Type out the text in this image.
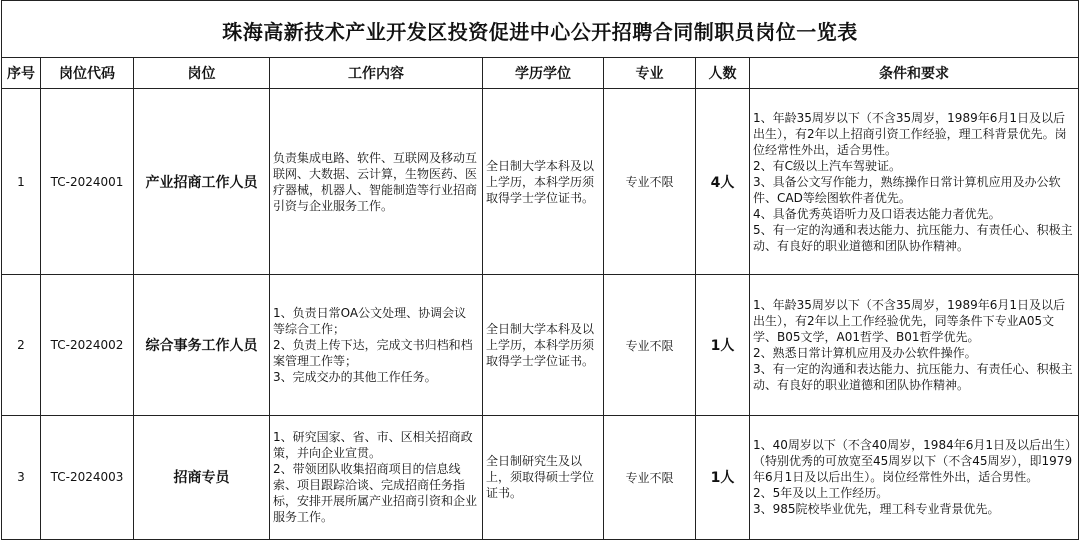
珠海高新技术产业开发区投资促进中心公开招聘合同制职员岗位一览表							
序号	岗位代码	岗位	工作内容	学历学位	专业	人数	条件和要求
1	TC-2024001	产业招商工作人员	负责集成电路、软件、互联网及移动互联网、大数据、云计算，生物医药、医疗器械，机器人、智能制造等行业招商引资与企业服务工作。	全日制大学本科及以上学历，本科学历须取得学士学位证书。	专业不限	4人	1、年龄35周岁以下（不含35周岁，1989年6月1日及以后出生），有2年以上招商引资工作经验，理工科背景优先。岗位经常性外出，适合男性。
2、有C级以上汽车驾驶证。
3、具备公文写作能力，熟练操作日常计算机应用及办公软件、CAD等绘图软件者优先。
4、具备优秀英语听力及口语表达能力者优先。
5、有一定的沟通和表达能力、抗压能力、有责任心、积极主动、有良好的职业道德和团队协作精神。

2	TC-2024002	综合事务工作人员	1、负责日常OA公文处理、协调会议等综合工作；
2、负责上传下达，完成文书归档和档案管理工作等；
3、完成交办的其他工作任务。	全日制大学本科及以上学历，本科学历须取得学士学位证书。	专业不限	1人	1、年龄35周岁以下（不含35周岁，1989年6月1日及以后出生），有2年以上工作经验优先，同等条件下专业A05文学、B05文学，A01哲学、B01哲学优先。
2、熟悉日常计算机应用及办公软件操作。
3、有一定的沟通和表达能力、抗压能力、有责任心、积极主动、有良好的职业道德和团队协作精神。

3	TC-2024003	招商专员	1、研究国家、省、市、区相关招商政策，并向企业宣贯。
2、带领团队收集招商项目的信息线索、项目跟踪洽谈、完成招商任务指标，安排开展所属产业招商引资和企业服务工作。	全日制研究生及以上，须取得硕士学位证书。	专业不限	1人	1、40周岁以下（不含40周岁，1984年6月1日及以后出生）（特别优秀的可放宽至45周岁以下（不含45周岁），即1979年6月1日及以后出生）。岗位经常性外出，适合男性。
2、5年及以上工作经历。
3、985院校毕业优先，理工科专业背景优先。
